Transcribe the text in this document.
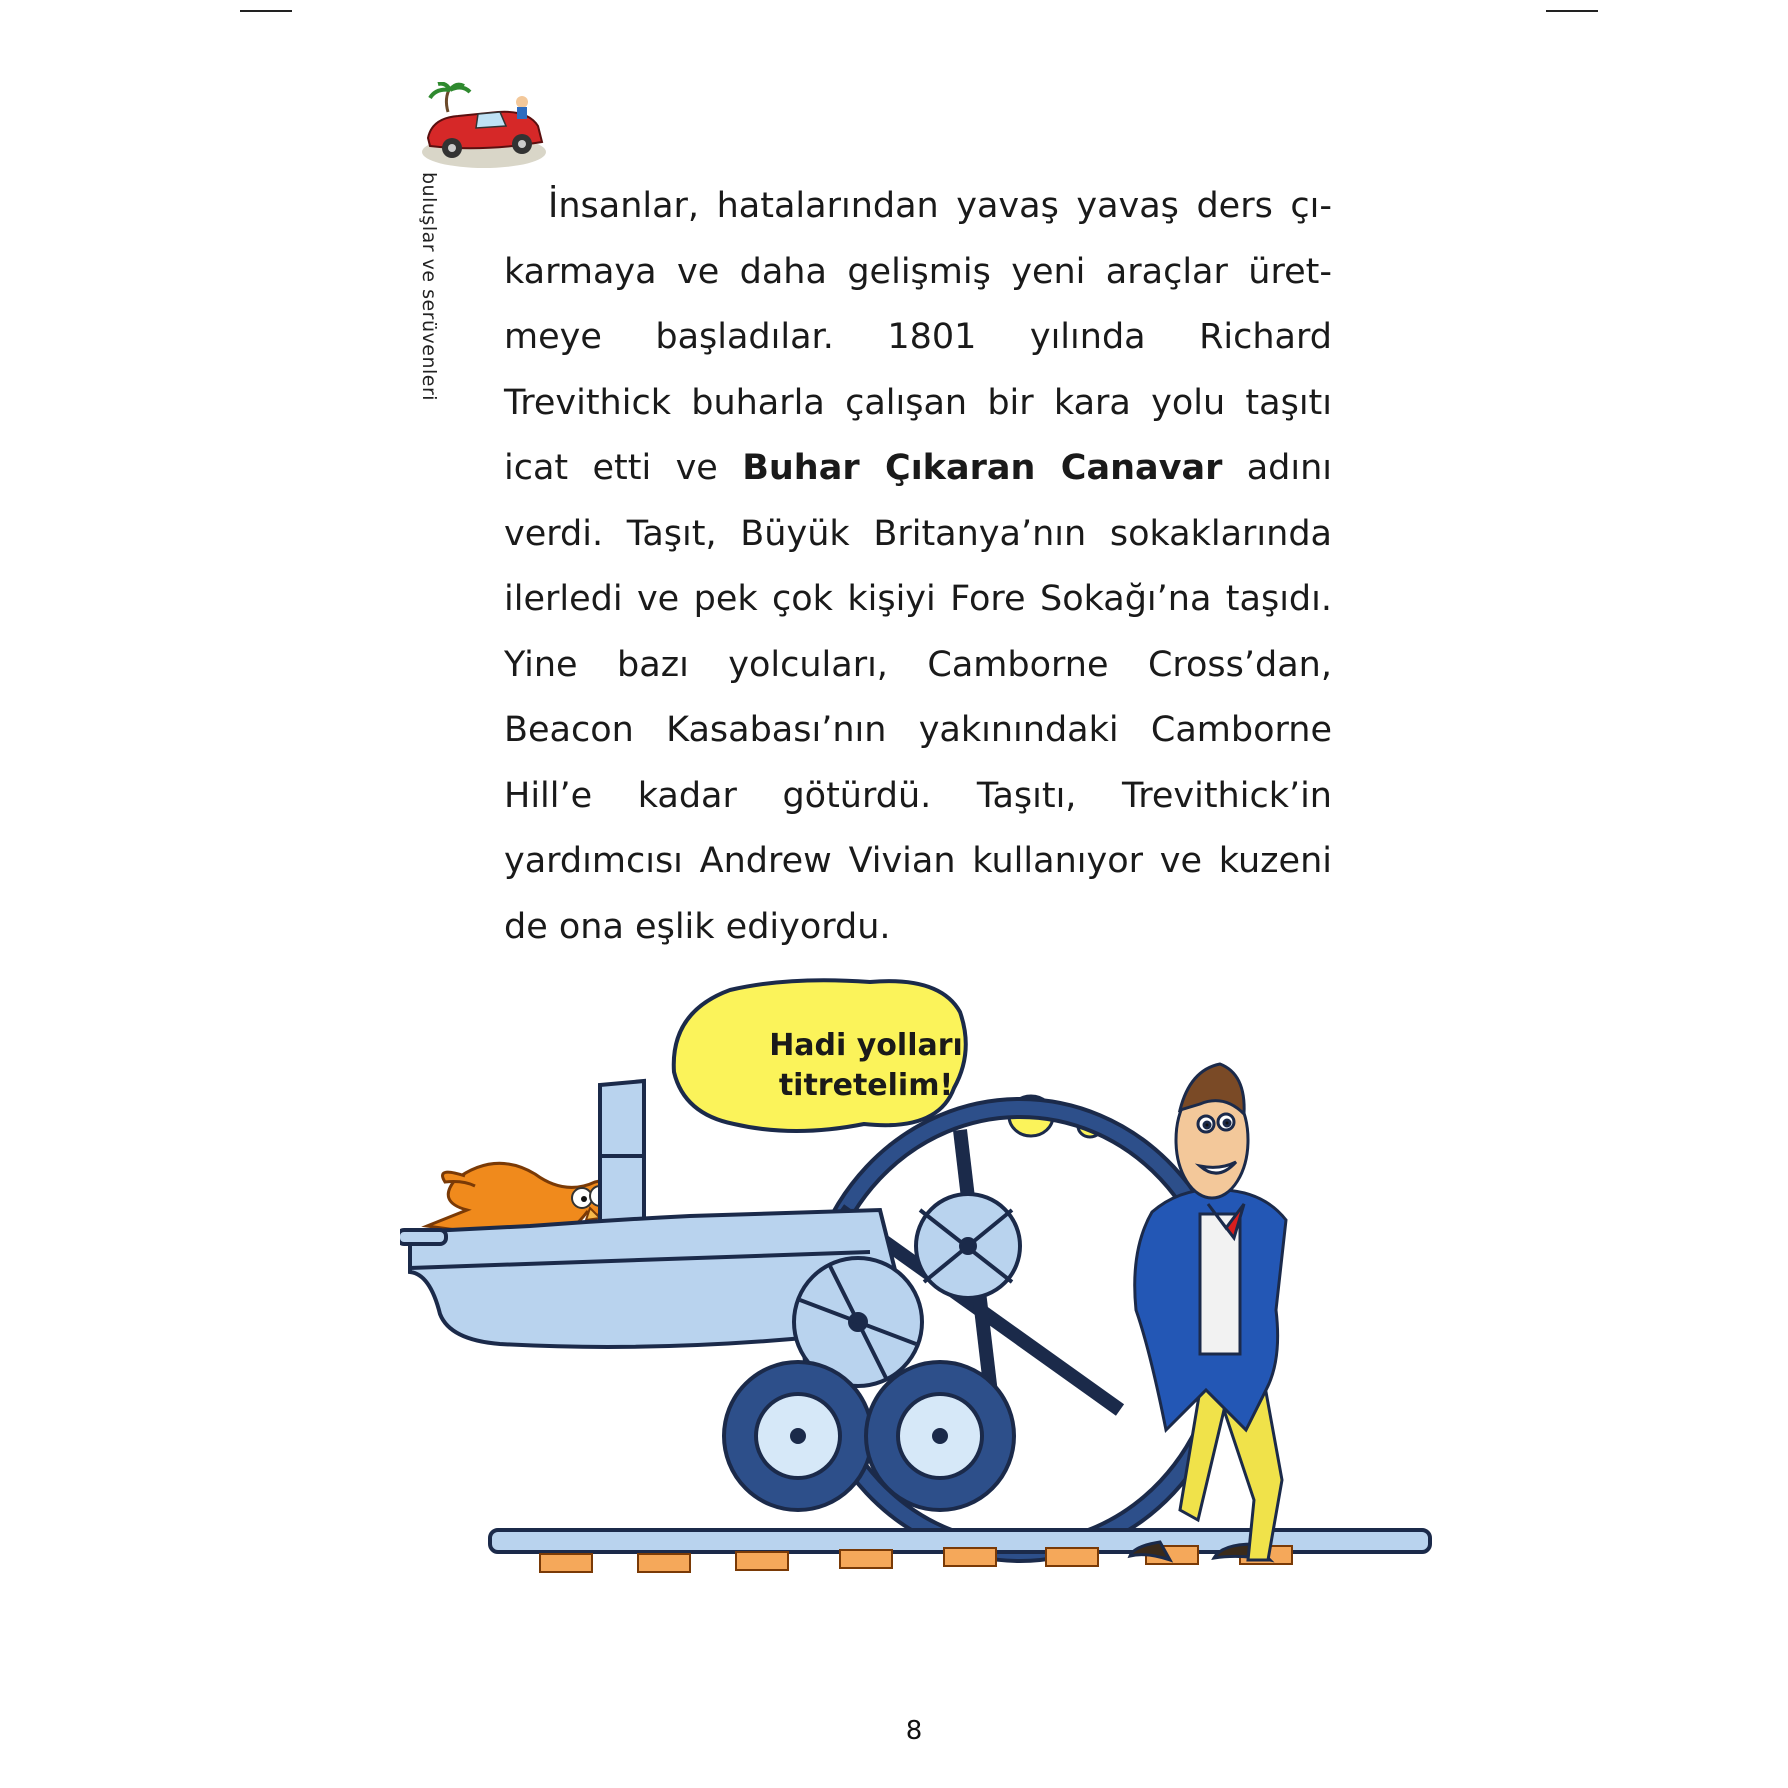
buluşlar ve serüvenleri	İnsanlar, hatalarından yavaş yavaş ders çıkarmaya ve daha gelişmiş yeni araçlar üretmeye başladılar. 1801 yılında Richard Trevithick buharla çalışan bir kara yolu taşıtı icat etti ve Buhar Çıkaran Canavar adını verdi. Taşıt, Büyük Britanya’nın sokaklarında ilerledi ve pek çok kişiyi Fore Sokağı’na taşıdı. Yine bazı yolcuları, Camborne Cross’dan, Beacon Kasabası’nın yakınındaki Camborne Hill’e kadar götürdü. Taşıtı, Trevithick’in yardımcısı Andrew Vivian kullanıyor ve kuzeni de ona eşlik ediyordu.

Hadi yolları
titretelim!
8
